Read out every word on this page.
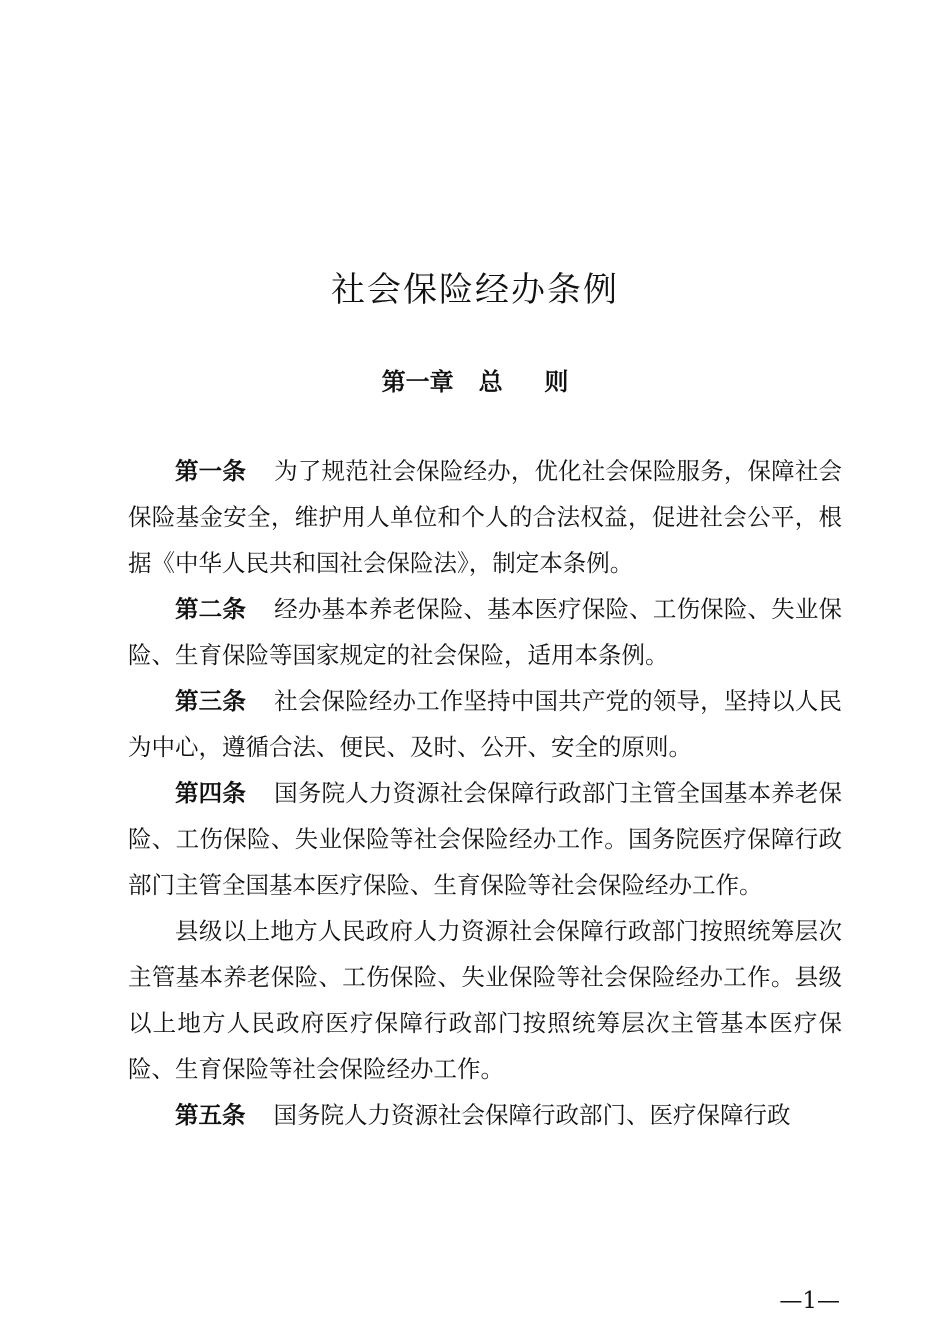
社会保险经办条例
第一章   总     则

第一条 为了规范社会保险经办，优化社会保险服务，保障社会保险基金安全，维护用人单位和个人的合法权益，促进社会公平，根据《中华人民共和国社会保险法》，制定本条例。

第二条 经办基本养老保险、基本医疗保险、工伤保险、失业保险、生育保险等国家规定的社会保险，适用本条例。

第三条 社会保险经办工作坚持中国共产党的领导，坚持以人民为中心，遵循合法、便民、及时、公开、安全的原则。

第四条 国务院人力资源社会保障行政部门主管全国基本养老保险、工伤保险、失业保险等社会保险经办工作。国务院医疗保障行政部门主管全国基本医疗保险、生育保险等社会保险经办工作。

县级以上地方人民政府人力资源社会保障行政部门按照统筹层次主管基本养老保险、工伤保险、失业保险等社会保险经办工作。县级以上地方人民政府医疗保障行政部门按照统筹层次主管基本医疗保险、生育保险等社会保险经办工作。

第五条 国务院人力资源社会保障行政部门、医疗保障行政

—1—
